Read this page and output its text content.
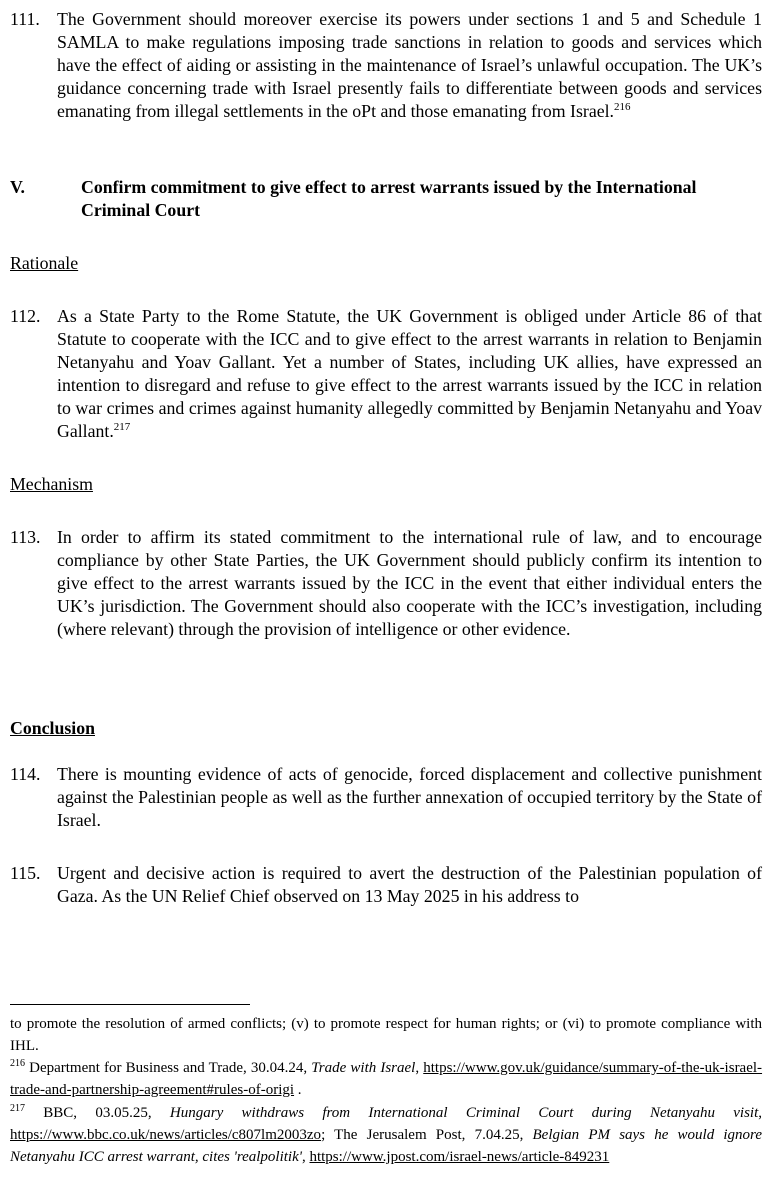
111. The Government should moreover exercise its powers under sections 1 and 5 and Schedule 1 SAMLA to make regulations imposing trade sanctions in relation to goods and services which have the effect of aiding or assisting in the maintenance of Israel’s unlawful occupation. The UK’s guidance concerning trade with Israel presently fails to differentiate between goods and services emanating from illegal settlements in the oPt and those emanating from Israel.$^{216}$
V.	Confirm commitment to give effect to arrest warrants issued by the International Criminal Court
Rationale
112. As a State Party to the Rome Statute, the UK Government is obliged under Article 86 of that Statute to cooperate with the ICC and to give effect to the arrest warrants in relation to Benjamin Netanyahu and Yoav Gallant. Yet a number of States, including UK allies, have expressed an intention to disregard and refuse to give effect to the arrest warrants issued by the ICC in relation to war crimes and crimes against humanity allegedly committed by Benjamin Netanyahu and Yoav Gallant.$^{217}$
Mechanism
113. In order to affirm its stated commitment to the international rule of law, and to encourage compliance by other State Parties, the UK Government should publicly confirm its intention to give effect to the arrest warrants issued by the ICC in the event that either individual enters the UK’s jurisdiction. The Government should also cooperate with the ICC’s investigation, including (where relevant) through the provision of intelligence or other evidence.
Conclusion
114. There is mounting evidence of acts of genocide, forced displacement and collective punishment against the Palestinian people as well as the further annexation of occupied territory by the State of Israel.
115. Urgent and decisive action is required to avert the destruction of the Palestinian population of Gaza. As the UN Relief Chief observed on 13 May 2025 in his address to
to promote the resolution of armed conflicts; (v) to promote respect for human rights; or (vi) to promote compliance with IHL.
$^{216}$ Department for Business and Trade, 30.04.24, Trade with Israel, https://www.gov.uk/guidance/summary-of-the-uk-israel-trade-and-partnership-agreement#rules-of-origi .
$^{217}$ BBC, 03.05.25, Hungary withdraws from International Criminal Court during Netanyahu visit, https://www.bbc.co.uk/news/articles/c807lm2003zo; The Jerusalem Post, 7.04.25, Belgian PM says he would ignore Netanyahu ICC arrest warrant, cites 'realpolitik', https://www.jpost.com/israel-news/article-849231
